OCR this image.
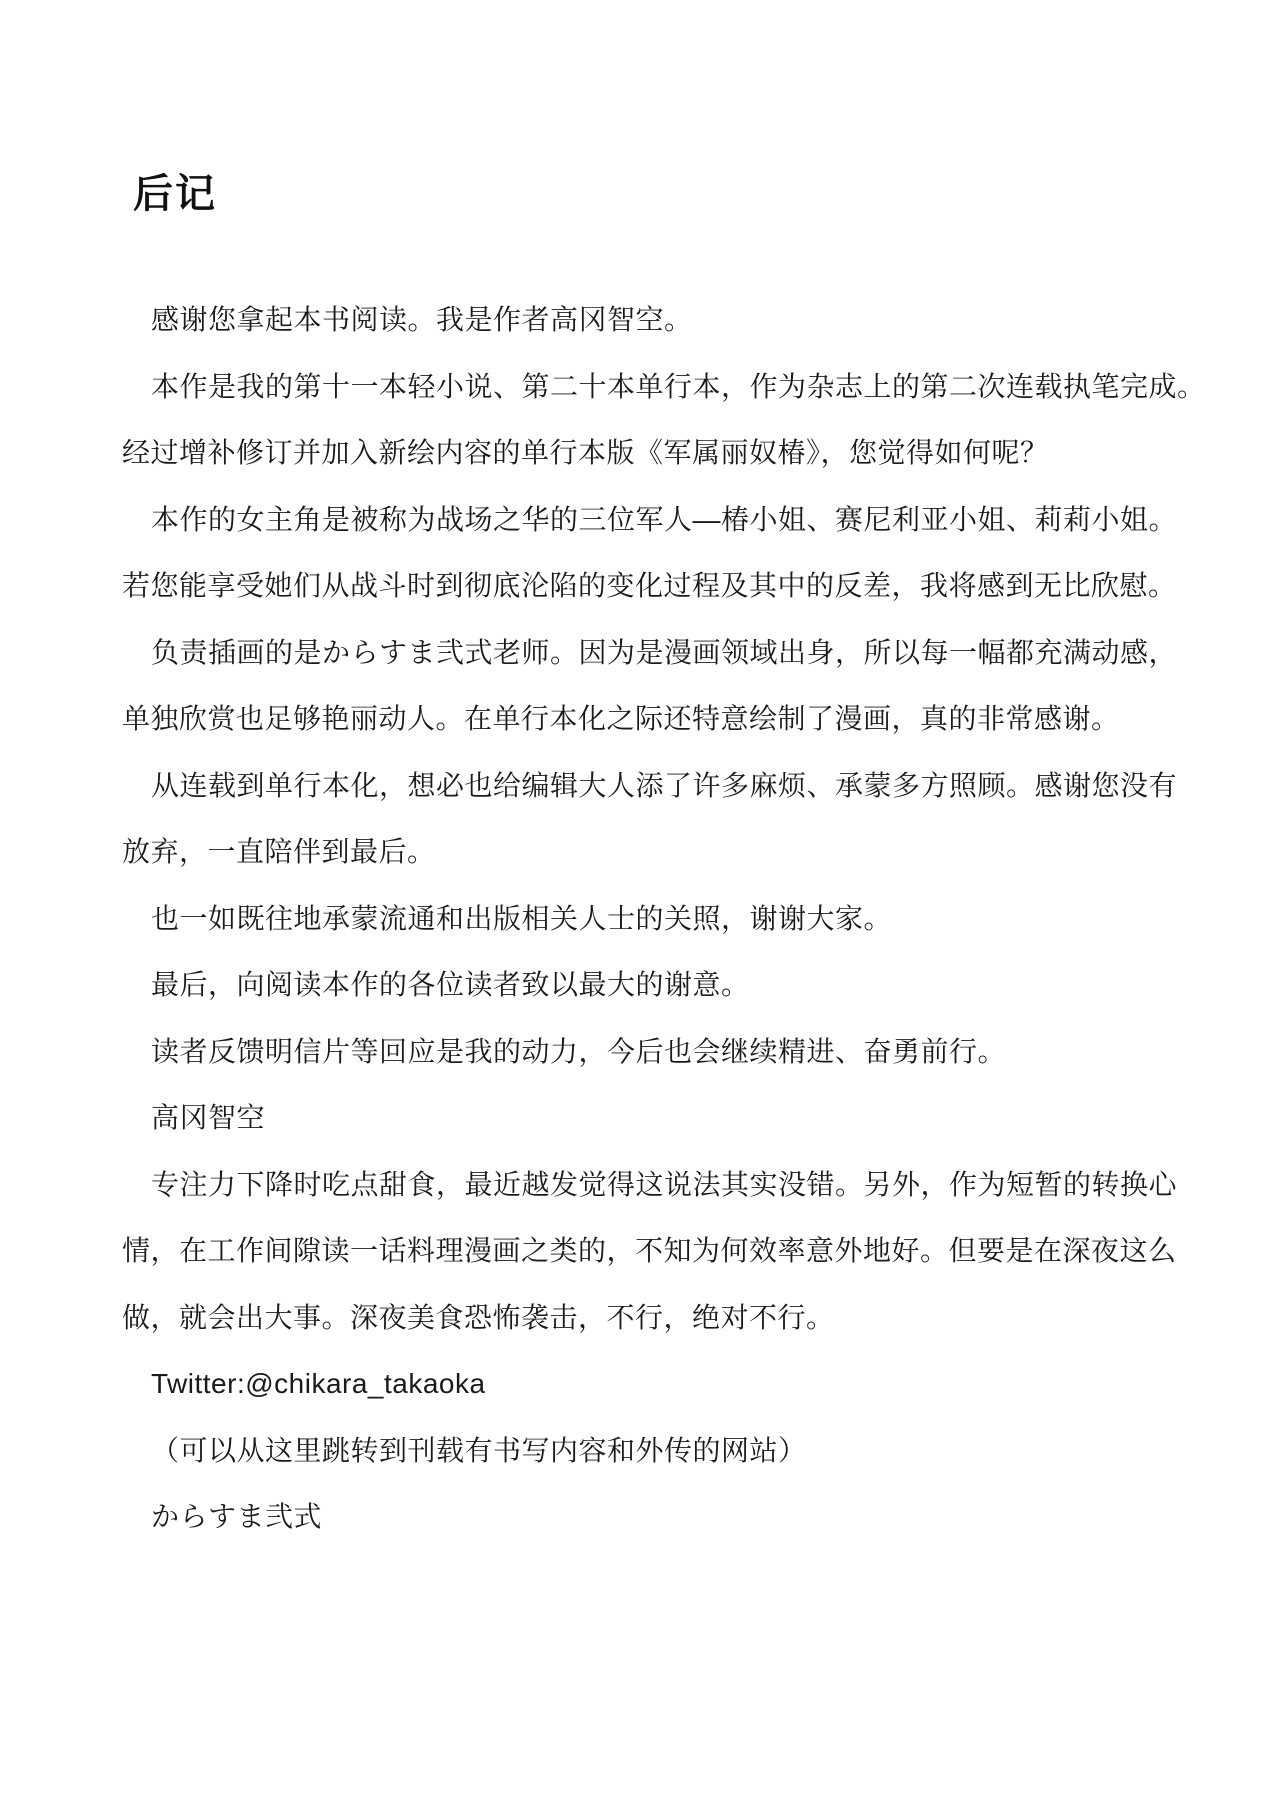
后记
感谢您拿起本书阅读。我是作者高冈智空。
本作是我的第十一本轻小说、第二十本单行本，作为杂志上的第二次连载执笔完成。
经过增补修订并加入新绘内容的单行本版《军属丽奴椿》，您觉得如何呢？
本作的女主角是被称为战场之华的三位军人—椿小姐、赛尼利亚小姐、莉莉小姐。
若您能享受她们从战斗时到彻底沦陷的变化过程及其中的反差，我将感到无比欣慰。
负责插画的是からすま弐式老师。因为是漫画领域出身，所以每一幅都充满动感，
单独欣赏也足够艳丽动人。在单行本化之际还特意绘制了漫画，真的非常感谢。
从连载到单行本化，想必也给编辑大人添了许多麻烦、承蒙多方照顾。感谢您没有
放弃，一直陪伴到最后。
也一如既往地承蒙流通和出版相关人士的关照，谢谢大家。
最后，向阅读本作的各位读者致以最大的谢意。
读者反馈明信片等回应是我的动力，今后也会继续精进、奋勇前行。
高冈智空
专注力下降时吃点甜食，最近越发觉得这说法其实没错。另外，作为短暂的转换心
情，在工作间隙读一话料理漫画之类的，不知为何效率意外地好。但要是在深夜这么
做，就会出大事。深夜美食恐怖袭击，不行，绝对不行。
Twitter:@chikara_takaoka
（可以从这里跳转到刊载有书写内容和外传的网站）
からすま弐式
